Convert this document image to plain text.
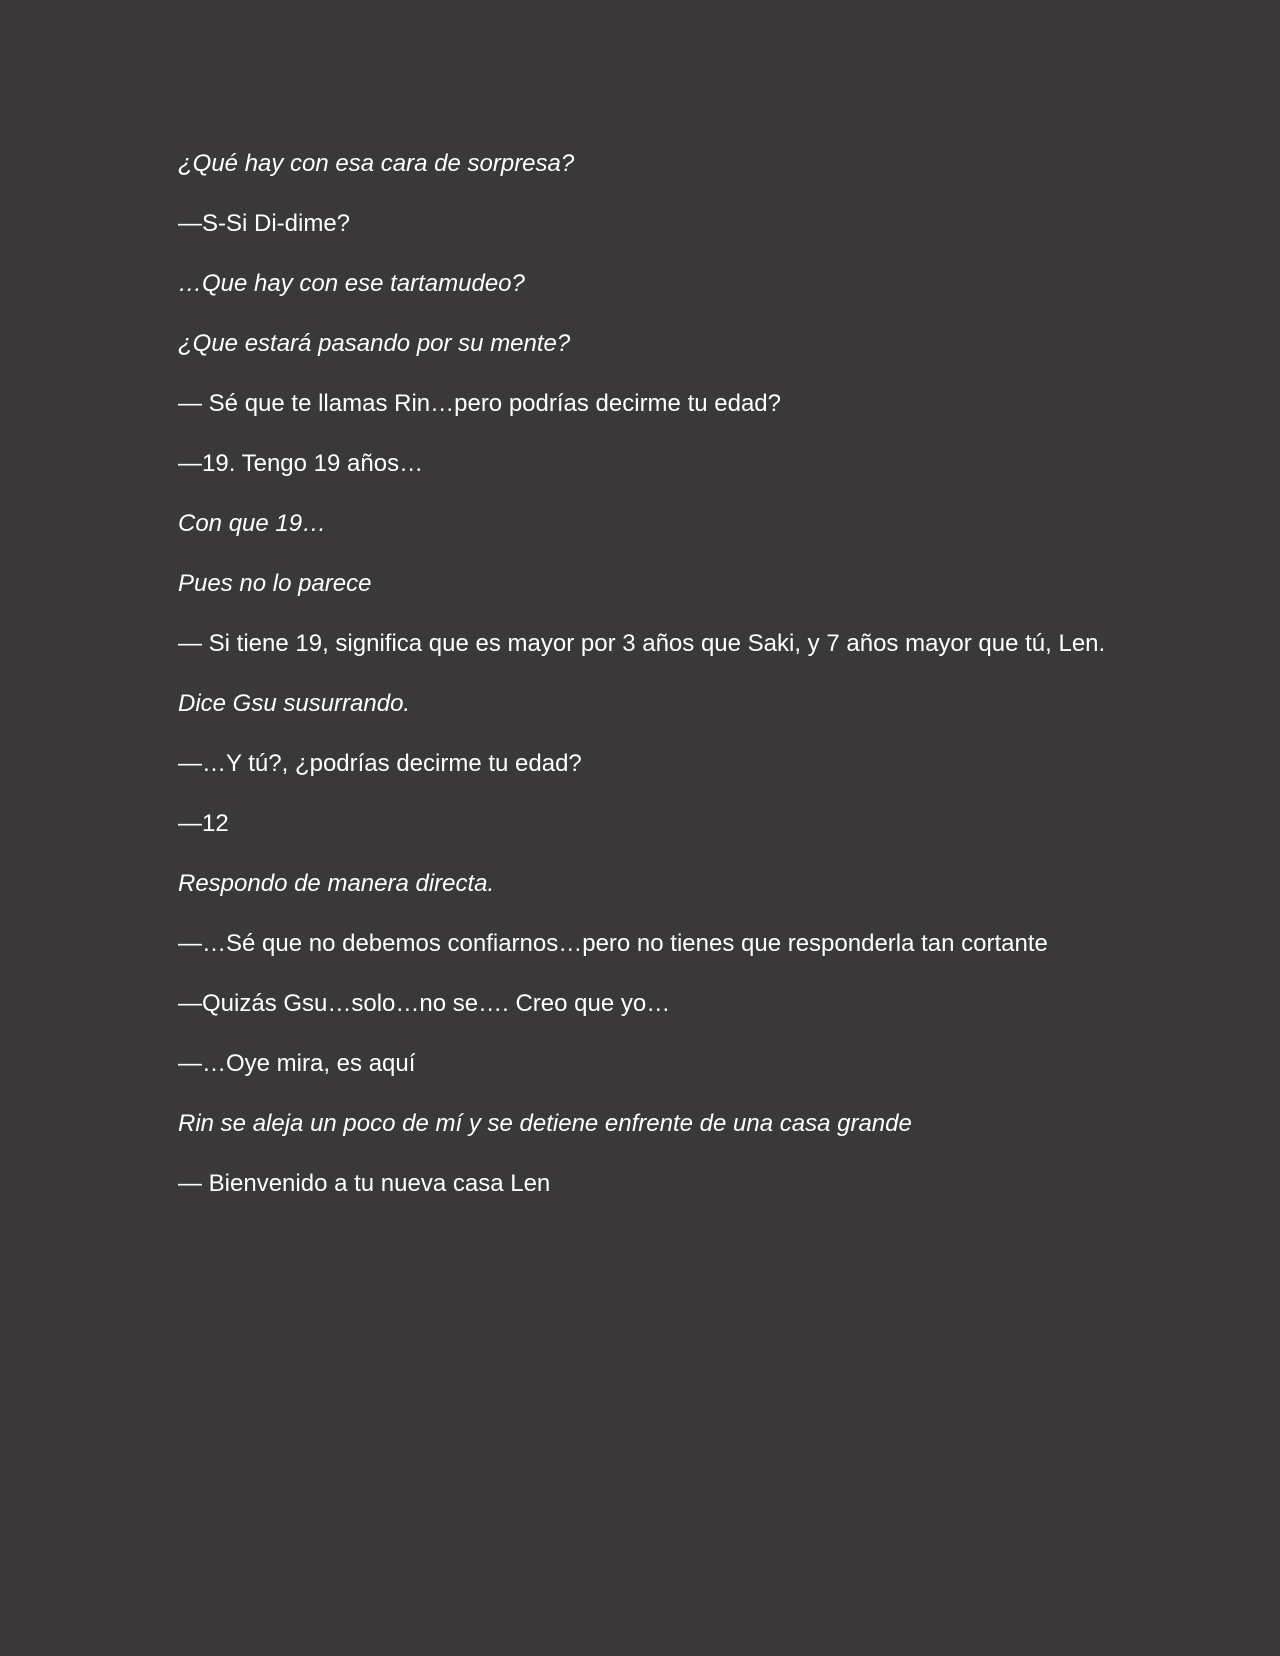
¿Qué hay con esa cara de sorpresa?

—S-Si Di-dime?

…Que hay con ese tartamudeo?

¿Que estará pasando por su mente?

— Sé que te llamas Rin…pero podrías decirme tu edad?

—19. Tengo 19 años…

Con que 19…

Pues no lo parece

— Si tiene 19, significa que es mayor por 3 años que Saki, y 7 años mayor que tú, Len.

Dice Gsu susurrando.

—…Y tú?, ¿podrías decirme tu edad?

—12

Respondo de manera directa.

—…Sé que no debemos confiarnos…pero no tienes que responderla tan cortante

—Quizás Gsu…solo…no se…. Creo que yo…

—…Oye mira, es aquí

Rin se aleja un poco de mí y se detiene enfrente de una casa grande

— Bienvenido a tu nueva casa Len
